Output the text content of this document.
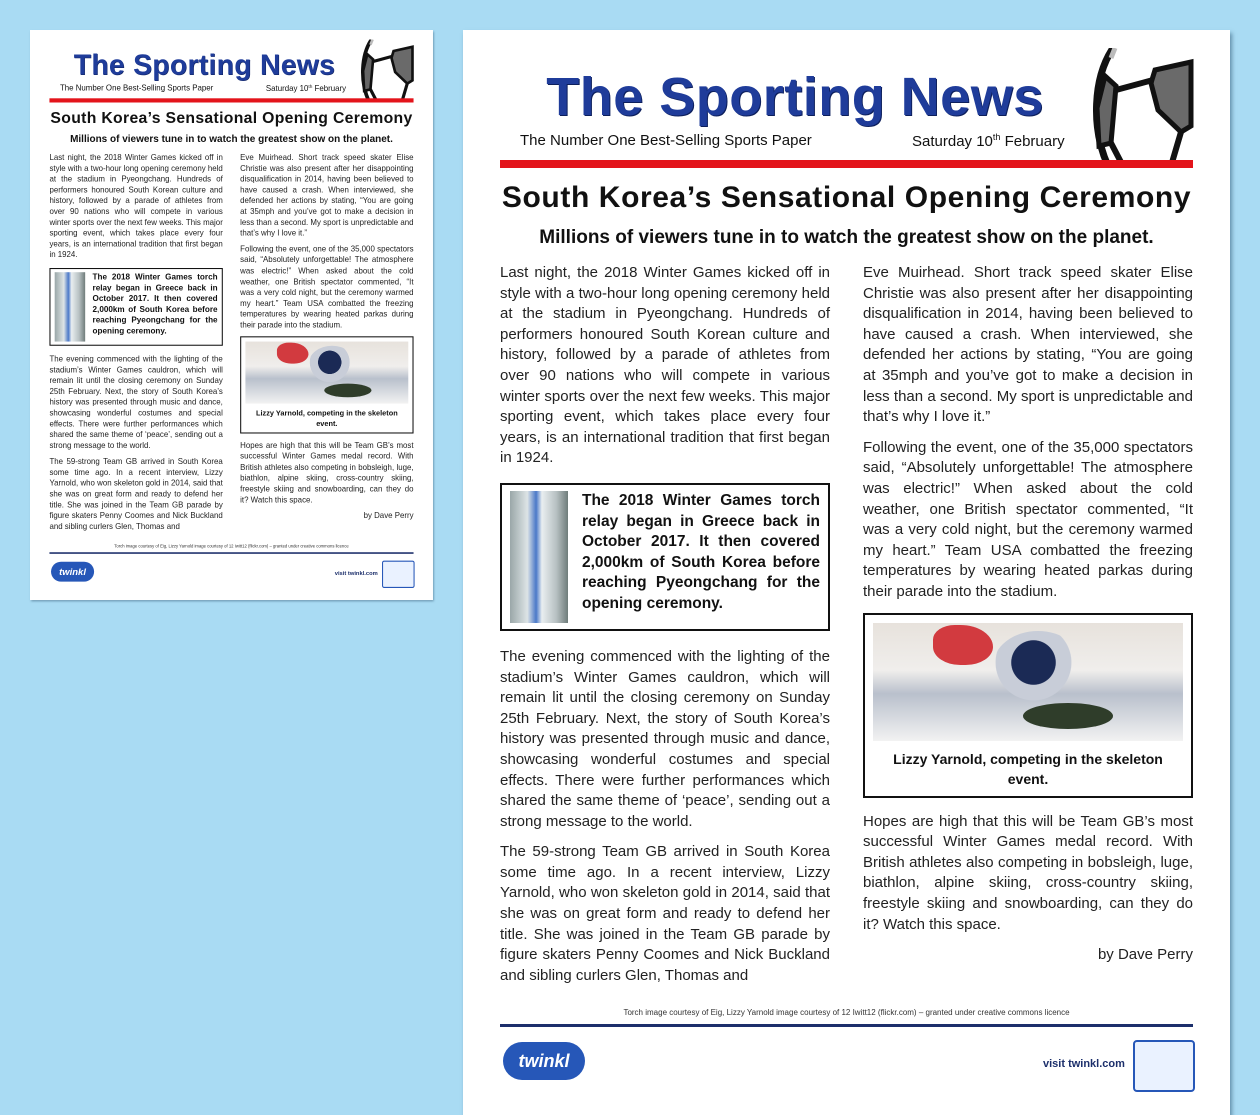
The Sporting News
The Number One Best-Selling Sports Paper	Saturday 10th February
South Korea’s Sensational Opening Ceremony
Millions of viewers tune in to watch the greatest show on the planet.

Last night, the 2018 Winter Games kicked off in style with a two-hour long opening ceremony held at the stadium in Pyeongchang. Hundreds of performers honoured South Korean culture and history, followed by a parade of athletes from over 90 nations who will compete in various winter sports over the next few weeks. This major sporting event, which takes place every four years, is an international tradition that first began in 1924.

The 2018 Winter Games torch relay began in Greece back in October 2017. It then covered 2,000km of South Korea before reaching Pyeongchang for the opening ceremony.

The evening commenced with the lighting of the stadium’s Winter Games cauldron, which will remain lit until the closing ceremony on Sunday 25th February. Next, the story of South Korea’s history was presented through music and dance, showcasing wonderful costumes and special effects. There were further performances which shared the same theme of ‘peace’, sending out a strong message to the world.

The 59-strong Team GB arrived in South Korea some time ago. In a recent interview, Lizzy Yarnold, who won skeleton gold in 2014, said that she was on great form and ready to defend her title. She was joined in the Team GB parade by figure skaters Penny Coomes and Nick Buckland and sibling curlers Glen, Thomas and

Eve Muirhead. Short track speed skater Elise Christie was also present after her disappointing disqualification in 2014, having been believed to have caused a crash. When interviewed, she defended her actions by stating, “You are going at 35mph and you’ve got to make a decision in less than a second. My sport is unpredictable and that’s why I love it.”

Following the event, one of the 35,000 spectators said, “Absolutely unforgettable! The atmosphere was electric!” When asked about the cold weather, one British spectator commented, “It was a very cold night, but the ceremony warmed my heart.” Team USA combatted the freezing temperatures by wearing heated parkas during their parade into the stadium.

Lizzy Yarnold, competing in the skeleton event.

Hopes are high that this will be Team GB’s most successful Winter Games medal record. With British athletes also competing in bobsleigh, luge, biathlon, alpine skiing, cross-country skiing, freestyle skiing and snowboarding, can they do it? Watch this space.

by Dave Perry

Torch image courtesy of Eig, Lizzy Yarnold image courtesy of 12 Iwitt12 (flickr.com) – granted under creative commons licence
twinkl	visit twinkl.com
The Sporting News
The Number One Best-Selling Sports Paper	Saturday 10th February
South Korea’s Sensational Opening Ceremony
Millions of viewers tune in to watch the greatest show on the planet.

Last night, the 2018 Winter Games kicked off in style with a two-hour long opening ceremony held at the stadium in Pyeongchang. Hundreds of performers honoured South Korean culture and history, followed by a parade of athletes from over 90 nations who will compete in various winter sports over the next few weeks. This major sporting event, which takes place every four years, is an international tradition that first began in 1924.

The 2018 Winter Games torch relay began in Greece back in October 2017. It then covered 2,000km of South Korea before reaching Pyeongchang for the opening ceremony.

The evening commenced with the lighting of the stadium’s Winter Games cauldron, which will remain lit until the closing ceremony on Sunday 25th February. Next, the story of South Korea’s history was presented through music and dance, showcasing wonderful costumes and special effects. There were further performances which shared the same theme of ‘peace’, sending out a strong message to the world.

The 59-strong Team GB arrived in South Korea some time ago. In a recent interview, Lizzy Yarnold, who won skeleton gold in 2014, said that she was on great form and ready to defend her title. She was joined in the Team GB parade by figure skaters Penny Coomes and Nick Buckland and sibling curlers Glen, Thomas and

Eve Muirhead. Short track speed skater Elise Christie was also present after her disappointing disqualification in 2014, having been believed to have caused a crash. When interviewed, she defended her actions by stating, “You are going at 35mph and you’ve got to make a decision in less than a second. My sport is unpredictable and that’s why I love it.”

Following the event, one of the 35,000 spectators said, “Absolutely unforgettable! The atmosphere was electric!” When asked about the cold weather, one British spectator commented, “It was a very cold night, but the ceremony warmed my heart.” Team USA combatted the freezing temperatures by wearing heated parkas during their parade into the stadium.

Lizzy Yarnold, competing in the skeleton event.

Hopes are high that this will be Team GB’s most successful Winter Games medal record. With British athletes also competing in bobsleigh, luge, biathlon, alpine skiing, cross-country skiing, freestyle skiing and snowboarding, can they do it? Watch this space.

by Dave Perry

Torch image courtesy of Eig, Lizzy Yarnold image courtesy of 12 Iwitt12 (flickr.com) – granted under creative commons licence
twinkl	visit twinkl.com
